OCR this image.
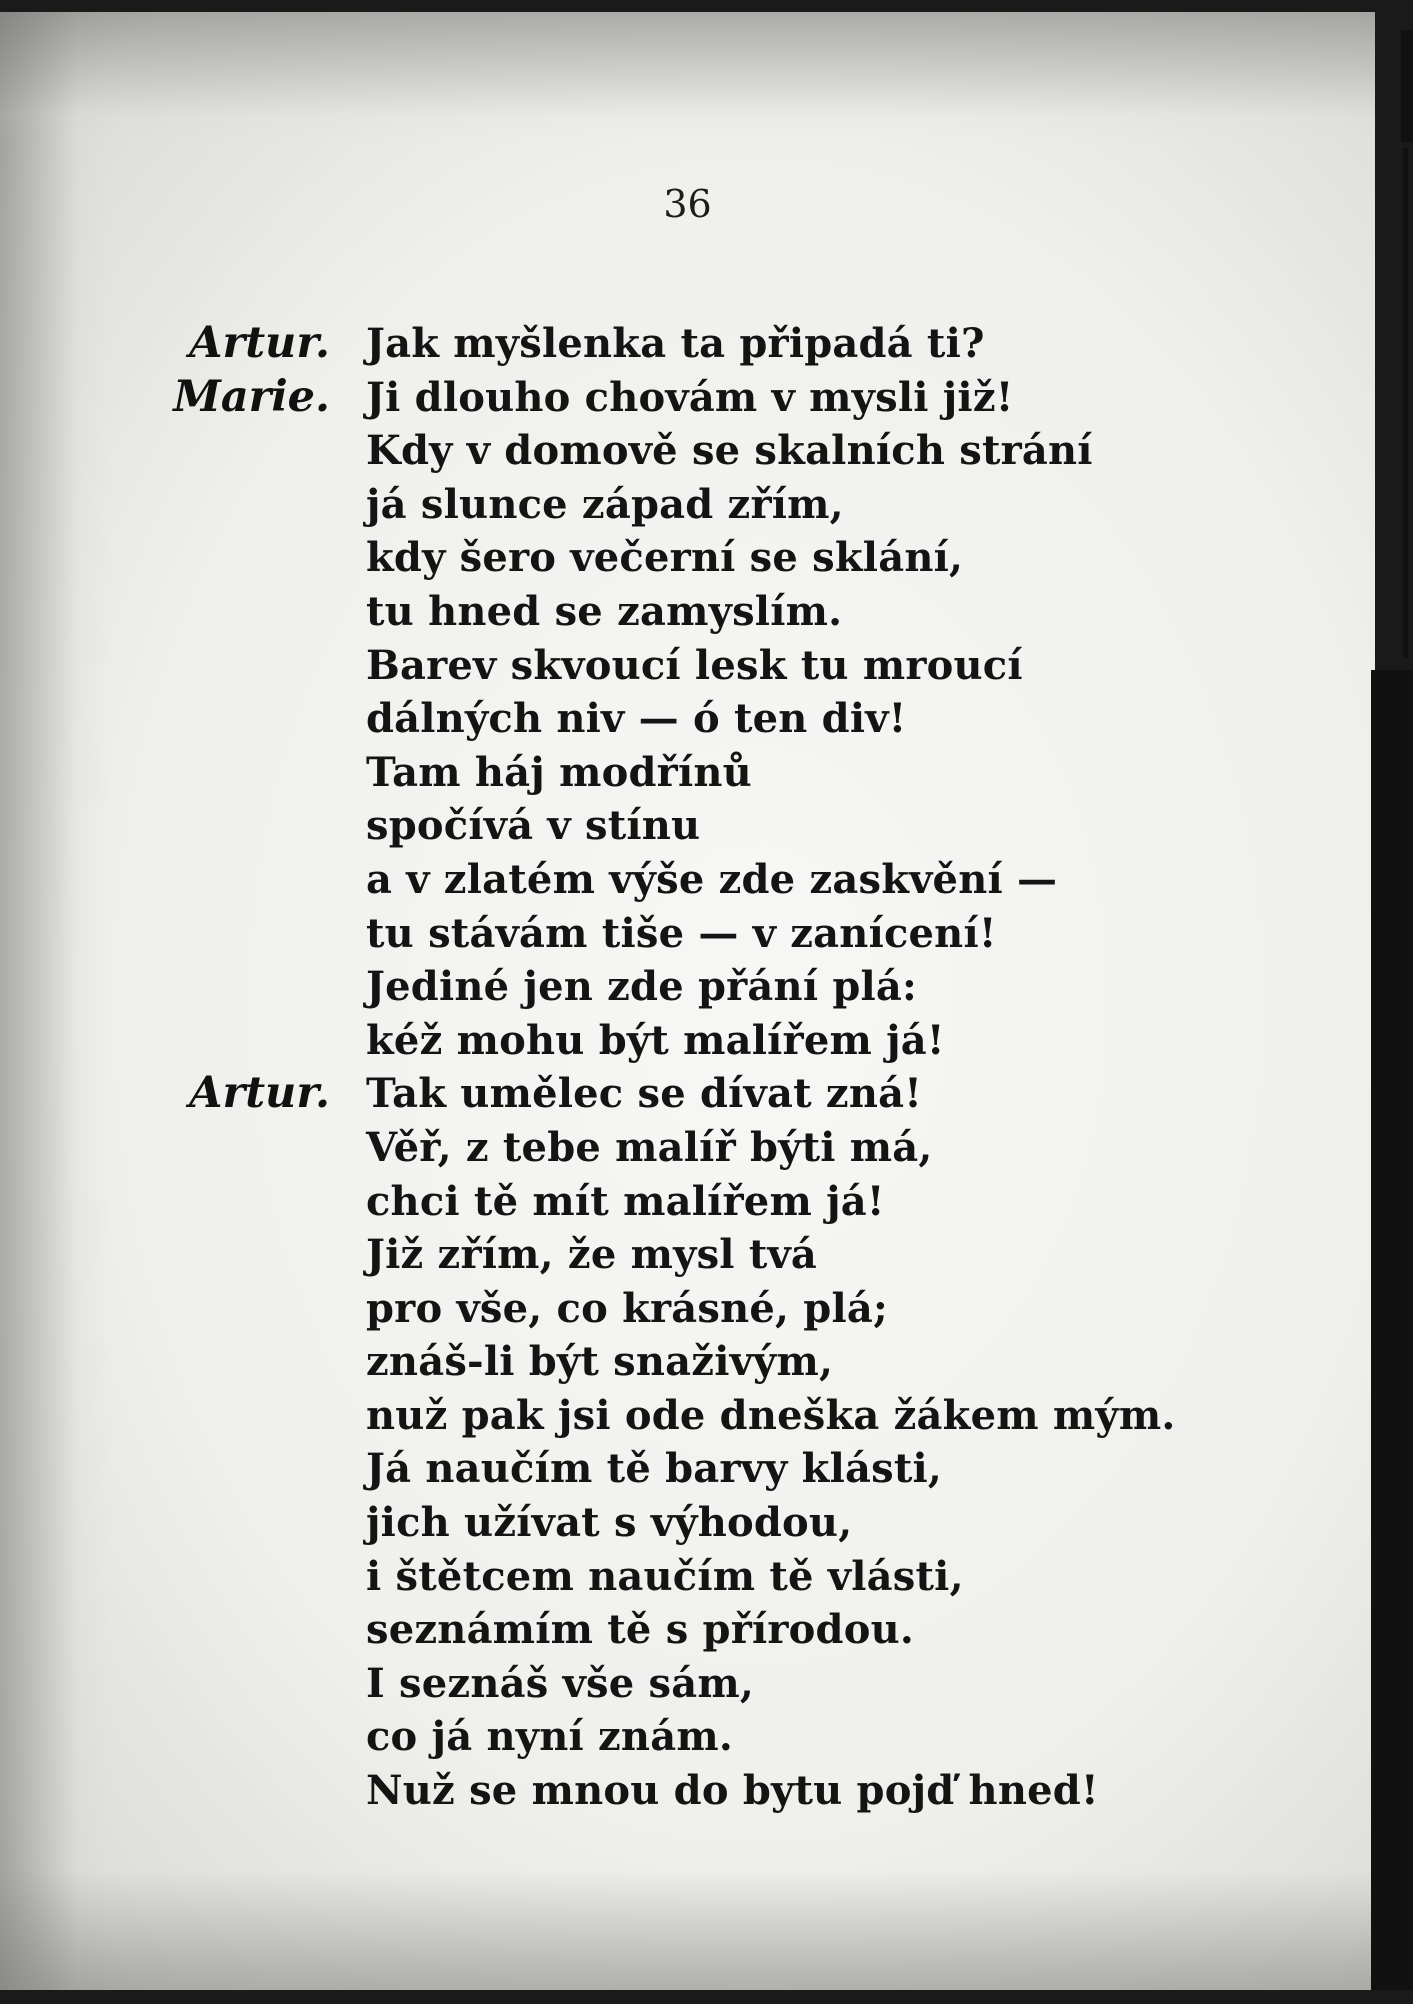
36
Artur. Jak myšlenka ta připadá ti?
Marie. Ji dlouho chovám v mysli již!
Kdy v domově se skalních strání
já slunce západ zřím,
kdy šero večerní se sklání,
tu hned se zamyslím.
Barev skvoucí lesk tu mroucí
dálných niv — ó ten div!
Tam háj modřínů
spočívá v stínu
a v zlatém výše zde zaskvění —
tu stávám tiše — v zanícení!
Jediné jen zde přání plá:
kéž mohu být malířem já!
Artur. Tak umělec se dívat zná!
Věř, z tebe malíř býti má,
chci tě mít malířem já!
Již zřím, že mysl tvá
pro vše, co krásné, plá;
znáš-li být snaživým,
nuž pak jsi ode dneška žákem mým.
Já naučím tě barvy klásti,
jich užívat s výhodou,
i štětcem naučím tě vlásti,
seznámím tě s přírodou.
I seznáš vše sám,
co já nyní znám.
Nuž se mnou do bytu pojď hned!
